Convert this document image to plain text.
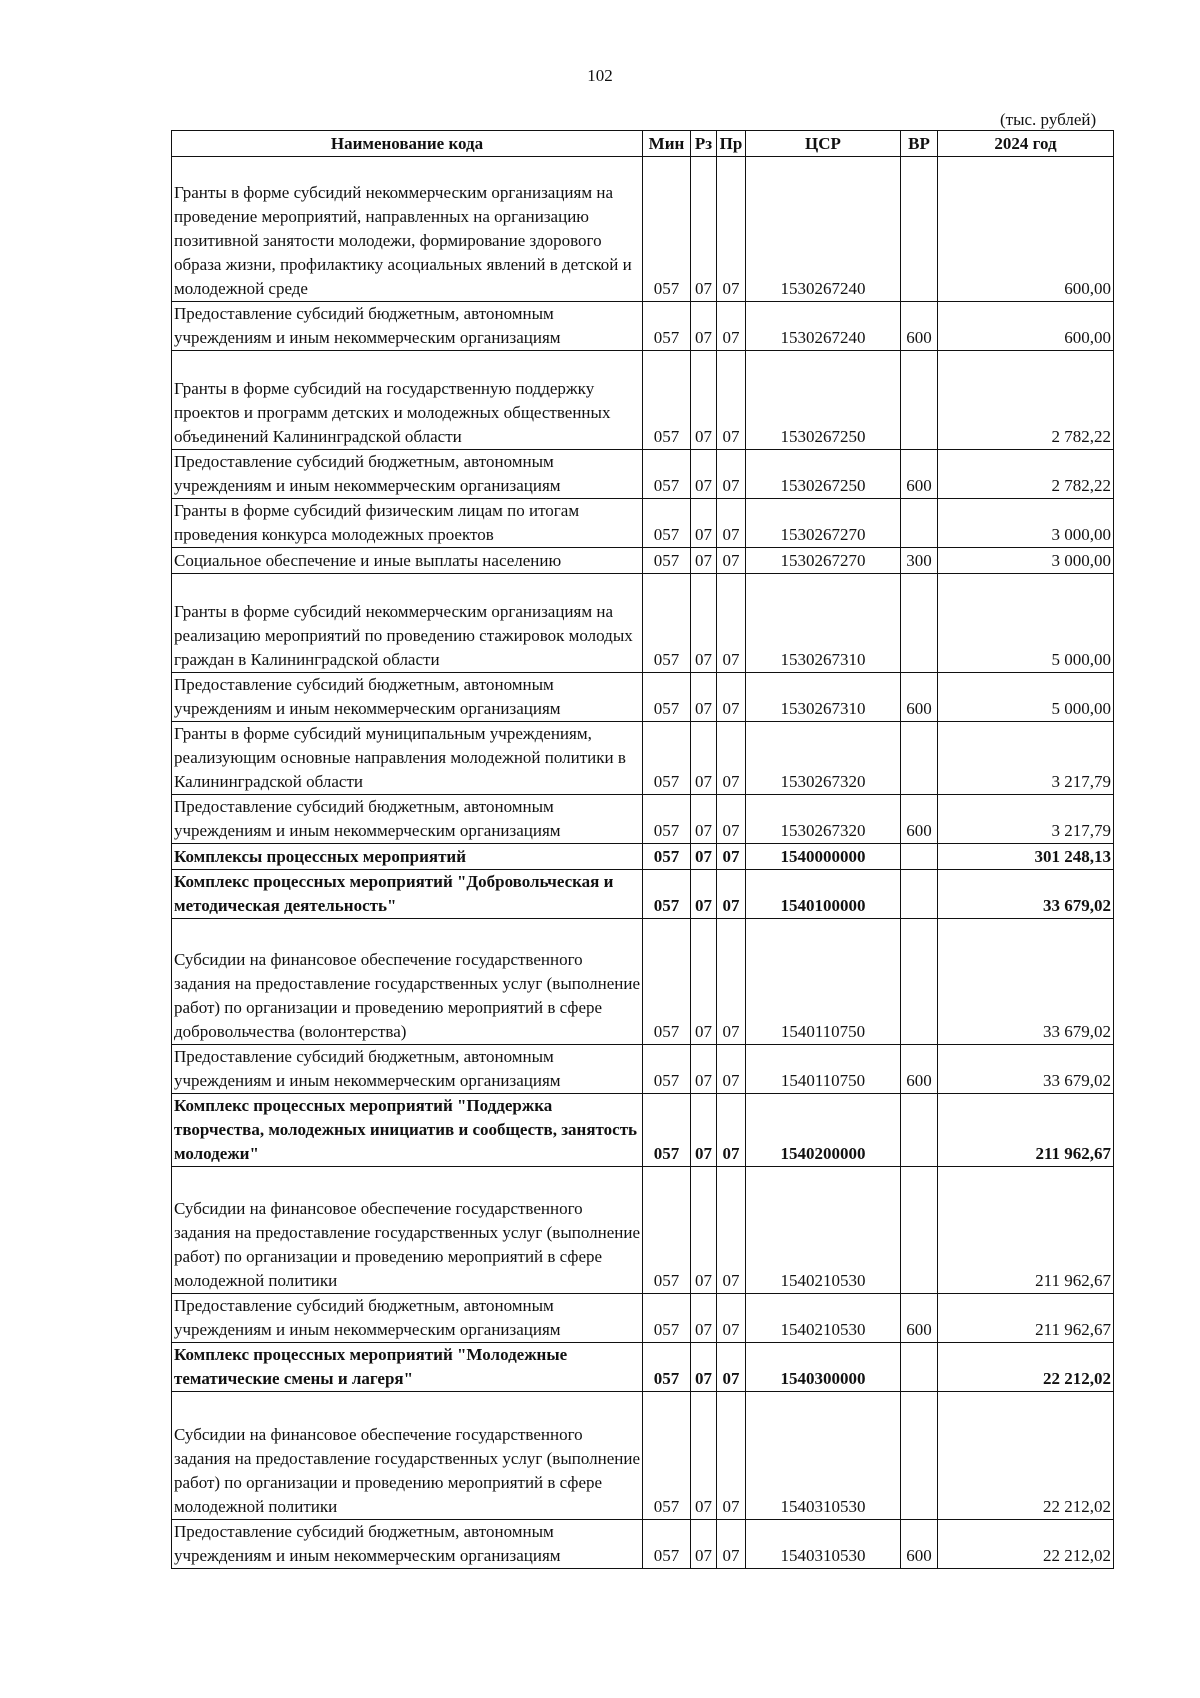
102
(тыс. рублей)
Наименование кода	Мин	Рз	Пр	ЦСР	ВР	2024 год
Гранты в форме субсидий некоммерческим организациям на проведение мероприятий, направленных на организацию позитивной занятости молодежи, формирование здорового образа жизни, профилактику асоциальных явлений в детской и молодежной среде	057	07	07	1530267240		600,00
Предоставление субсидий бюджетным, автономным учреждениям и иным некоммерческим организациям	057	07	07	1530267240	600	600,00
Гранты в форме субсидий на государственную поддержку проектов и программ детских и молодежных общественных объединений Калининградской области	057	07	07	1530267250		2 782,22
Предоставление субсидий бюджетным, автономным учреждениям и иным некоммерческим организациям	057	07	07	1530267250	600	2 782,22
Гранты в форме субсидий физическим лицам по итогам проведения конкурса молодежных проектов	057	07	07	1530267270		3 000,00
Социальное обеспечение и иные выплаты населению	057	07	07	1530267270	300	3 000,00
Гранты в форме субсидий некоммерческим организациям на реализацию мероприятий по проведению стажировок молодых граждан в Калининградской области	057	07	07	1530267310		5 000,00
Предоставление субсидий бюджетным, автономным учреждениям и иным некоммерческим организациям	057	07	07	1530267310	600	5 000,00
Гранты в форме субсидий муниципальным учреждениям, реализующим основные направления молодежной политики в Калининградской области	057	07	07	1530267320		3 217,79
Предоставление субсидий бюджетным, автономным учреждениям и иным некоммерческим организациям	057	07	07	1530267320	600	3 217,79
Комплексы процессных мероприятий	057	07	07	1540000000		301 248,13
Комплекс процессных мероприятий "Добровольческая и методическая деятельность"	057	07	07	1540100000		33 679,02
Субсидии на финансовое обеспечение государственного задания на предоставление государственных услуг (выполнение работ) по организации и проведению мероприятий в сфере добровольчества (волонтерства)	057	07	07	1540110750		33 679,02
Предоставление субсидий бюджетным, автономным учреждениям и иным некоммерческим организациям	057	07	07	1540110750	600	33 679,02
Комплекс процессных мероприятий "Поддержка творчества, молодежных инициатив и сообществ, занятость молодежи"	057	07	07	1540200000		211 962,67
Субсидии на финансовое обеспечение государственного задания на предоставление государственных услуг (выполнение работ) по организации и проведению мероприятий в сфере молодежной политики	057	07	07	1540210530		211 962,67
Предоставление субсидий бюджетным, автономным учреждениям и иным некоммерческим организациям	057	07	07	1540210530	600	211 962,67
Комплекс процессных мероприятий "Молодежные тематические смены и лагеря"	057	07	07	1540300000		22 212,02
Субсидии на финансовое обеспечение государственного задания на предоставление государственных услуг (выполнение работ) по организации и проведению мероприятий в сфере молодежной политики	057	07	07	1540310530		22 212,02
Предоставление субсидий бюджетным, автономным учреждениям и иным некоммерческим организациям	057	07	07	1540310530	600	22 212,02
